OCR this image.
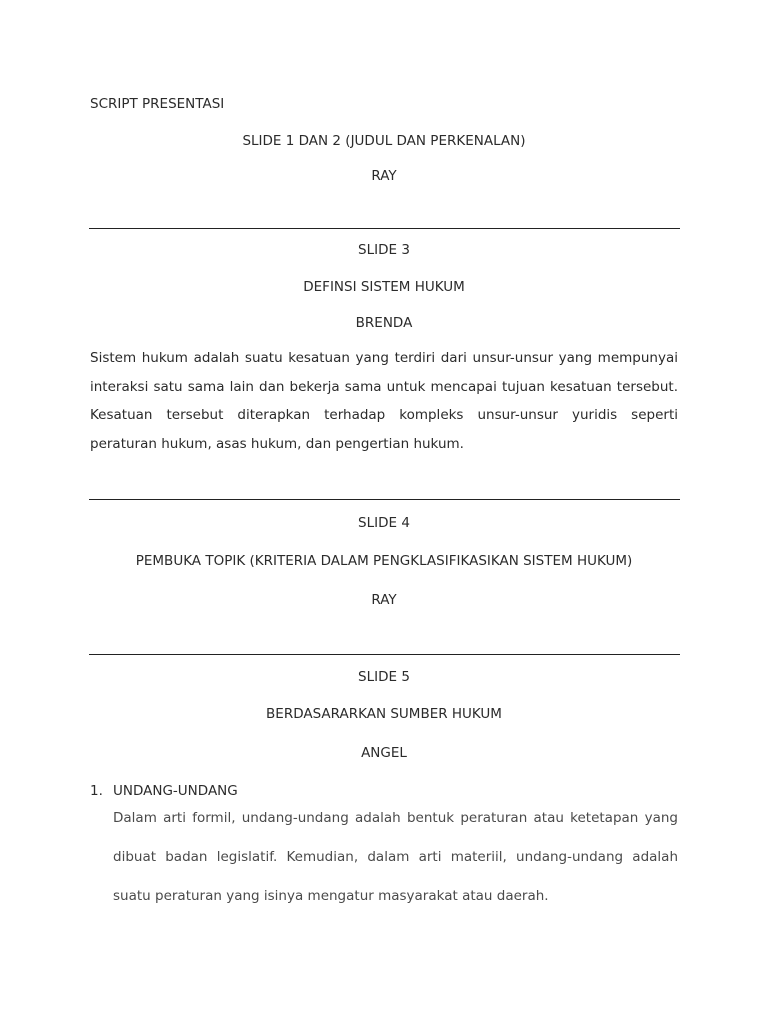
SCRIPT PRESENTASI
SLIDE 1 DAN 2 (JUDUL DAN PERKENALAN)
RAY
SLIDE 3
DEFINSI SISTEM HUKUM
BRENDA
Sistem hukum adalah suatu kesatuan yang terdiri dari unsur-unsur yang mempunyai interaksi satu sama lain dan bekerja sama untuk mencapai tujuan kesatuan tersebut. Kesatuan tersebut diterapkan terhadap kompleks unsur-unsur yuridis seperti peraturan hukum, asas hukum, dan pengertian hukum.
SLIDE 4
PEMBUKA TOPIK (KRITERIA DALAM PENGKLASIFIKASIKAN SISTEM HUKUM)
RAY
SLIDE 5
BERDASARARKAN SUMBER HUKUM
ANGEL
1. UNDANG-UNDANG
Dalam arti formil, undang-undang adalah bentuk peraturan atau ketetapan yang dibuat badan legislatif. Kemudian, dalam arti materiil, undang-undang adalah suatu peraturan yang isinya mengatur masyarakat atau daerah.
